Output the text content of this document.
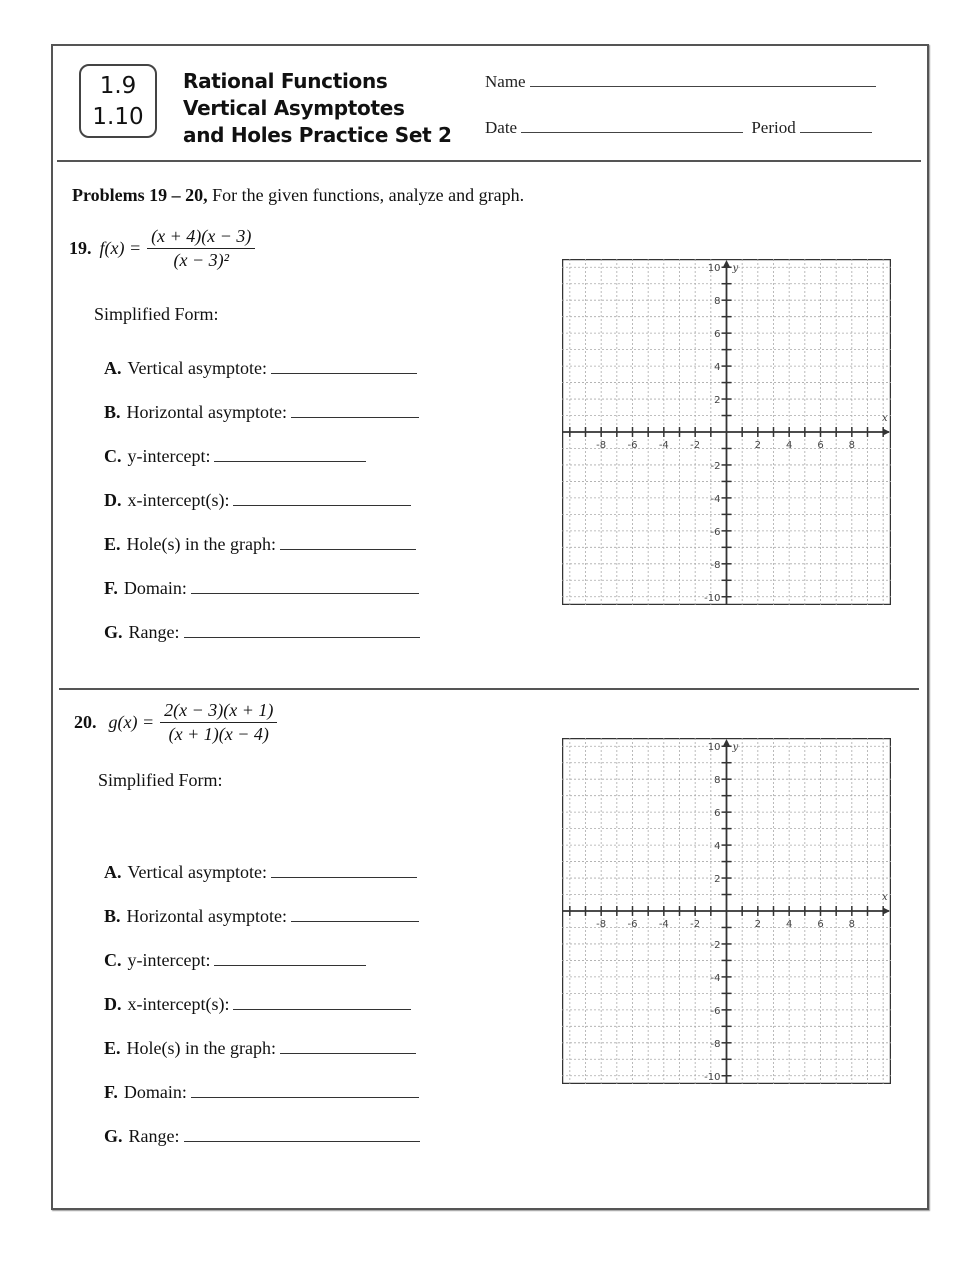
1.9
1.10
Rational Functions
Vertical Asymptotes
and Holes Practice Set 2
Name
Date	Period
Problems 19 – 20, For the given functions, analyze and graph.
19. $f(x) = \frac{(x + 4)(x - 3)}{\text{(x − 3)²}}$
Simplified Form:
A. Vertical asymptote:
B. Horizontal asymptote:
C. y-intercept:
D. x-intercept(s):
E. Hole(s) in the graph:
F. Domain:
G. Range:
-8 -6 -4 -2	2 4 6 8
10
8
6
4
2
-2
-4
-6
-8
-10
x
y
20. $g(x) = \frac{2(x - 3)(x + 1)}{(x + 1)(x - 4)}$
Simplified Form:
A. Vertical asymptote:
B. Horizontal asymptote:
C. y-intercept:
D. x-intercept(s):
E. Hole(s) in the graph:
F. Domain:
G. Range:
-8 -6 -4 -2	2 4 6 8
10
8
6
4
2
-2
-4
-6
-8
-10
x
y
